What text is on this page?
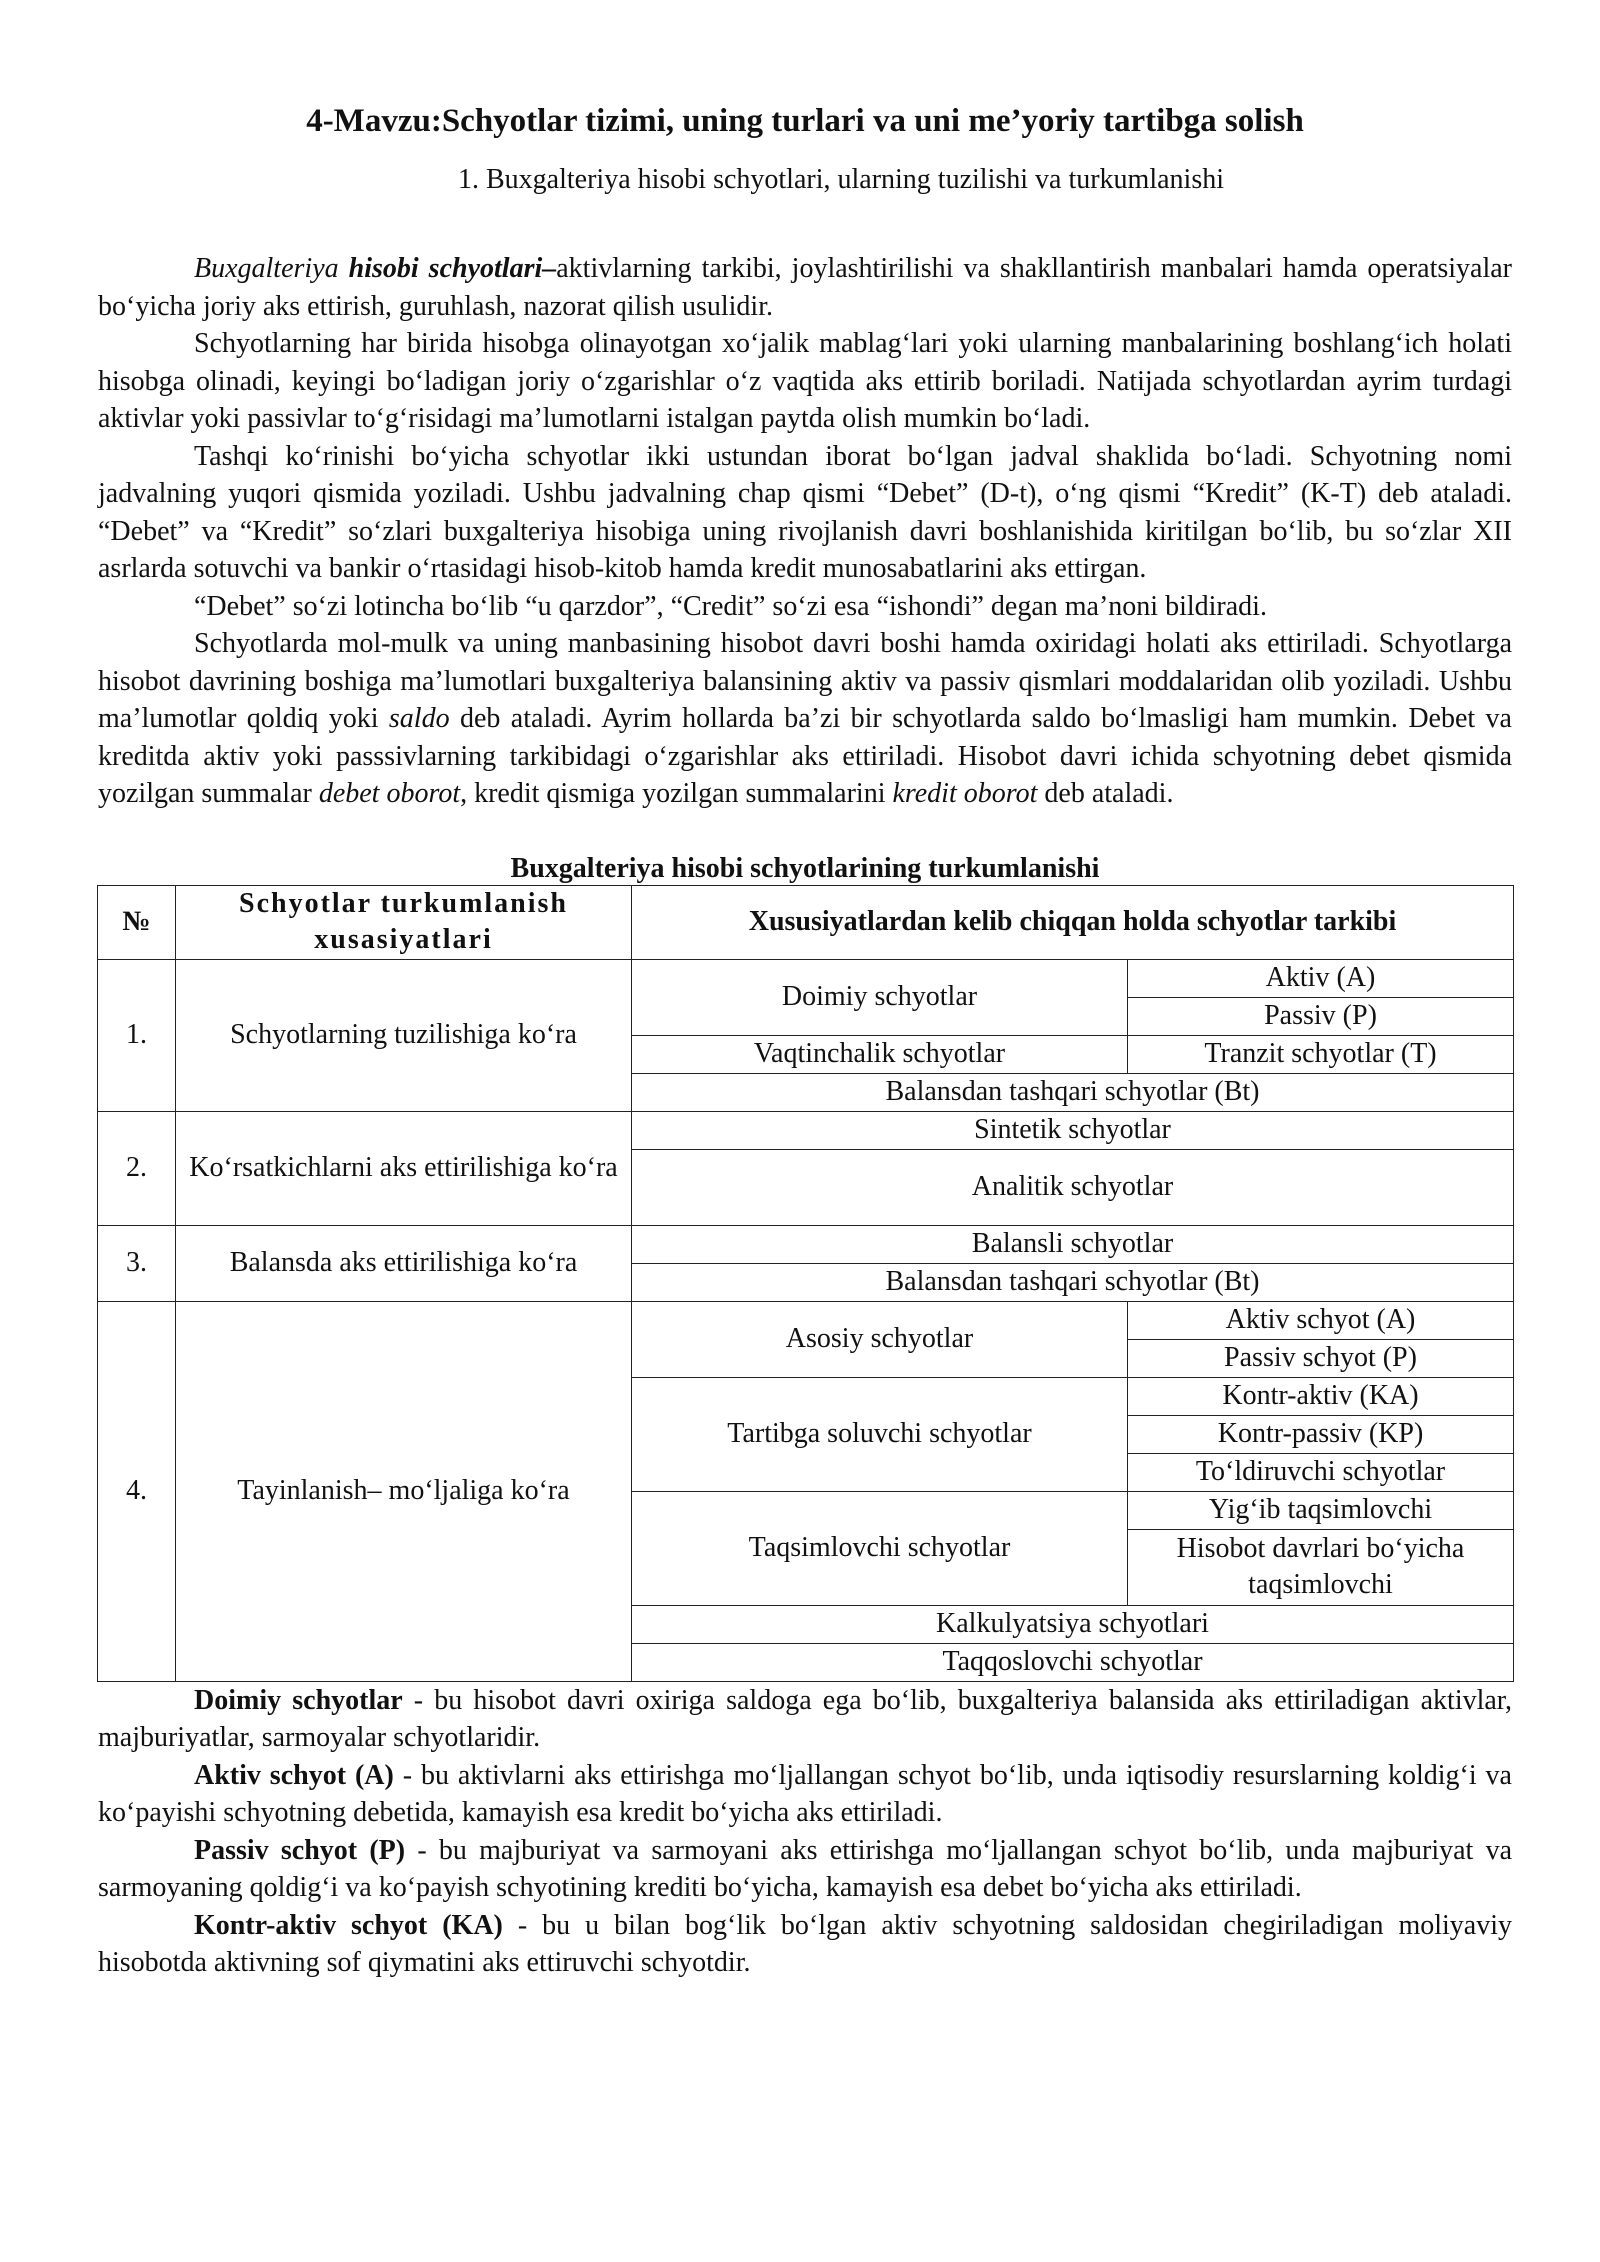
4-Mavzu:Schyotlar tizimi, uning turlari va uni me’yoriy tartibga solish
1. Buxgalteriya hisobi schyotlari, ularning tuzilishi va turkumlanishi

Buxgalteriya hisobi schyotlari–aktivlarning tarkibi, joylashtirilishi va shakllantirish manbalari hamda operatsiyalar bo‘yicha joriy aks ettirish, guruhlash, nazorat qilish usulidir.

Schyotlarning har birida hisobga olinayotgan xo‘jalik mablag‘lari yoki ularning manbalarining boshlang‘ich holati hisobga olinadi, keyingi bo‘ladigan joriy o‘zgarishlar o‘z vaqtida aks ettirib boriladi. Natijada schyotlardan ayrim turdagi aktivlar yoki passivlar to‘g‘risidagi ma’lumotlarni istalgan paytda olish mumkin bo‘ladi.

Tashqi ko‘rinishi bo‘yicha schyotlar ikki ustundan iborat bo‘lgan jadval shaklida bo‘ladi. Schyotning nomi jadvalning yuqori qismida yoziladi. Ushbu jadvalning chap qismi “Debet” (D-t), o‘ng qismi “Kredit” (K-T) deb ataladi. “Debet” va “Kredit” so‘zlari buxgalteriya hisobiga uning rivojlanish davri boshlanishida kiritilgan bo‘lib, bu so‘zlar XII asrlarda sotuvchi va bankir o‘rtasidagi hisob-kitob hamda kredit munosabatlarini aks ettirgan.

“Debet” so‘zi lotincha bo‘lib “u qarzdor”, “Credit” so‘zi esa “ishondi” degan ma’noni bildiradi.

Schyotlarda mol-mulk va uning manbasining hisobot davri boshi hamda oxiridagi holati aks ettiriladi. Schyotlarga hisobot davrining boshiga ma’lumotlari buxgalteriya balansining aktiv va passiv qismlari moddalaridan olib yoziladi. Ushbu ma’lumotlar qoldiq yoki saldo deb ataladi. Ayrim hollarda ba’zi bir schyotlarda saldo bo‘lmasligi ham mumkin. Debet va kreditda aktiv yoki passsivlarning tarkibidagi o‘zgarishlar aks ettiriladi. Hisobot davri ichida schyotning debet qismida yozilgan summalar debet oborot, kredit qismiga yozilgan summalarini kredit oborot deb ataladi.

Buxgalteriya hisobi schyotlarining turkumlanishi
№	Schyotlar turkumlanish xusasiyatlari	Xususiyatlardan kelib chiqqan holda schyotlar tarkibi	
1.	Schyotlarning tuzilishiga ko‘ra	Doimiy schyotlar	Aktiv (A)
			Passiv (P)
		Vaqtinchalik schyotlar	Tranzit schyotlar (T)
		Balansdan tashqari schyotlar (Bt)	
2.	Ko‘rsatkichlarni aks ettirilishiga ko‘ra	Sintetik schyotlar	
		Analitik schyotlar	
3.	Balansda aks ettirilishiga ko‘ra	Balansli schyotlar	
		Balansdan tashqari schyotlar (Bt)	
4.	Tayinlanish– mo‘ljaliga ko‘ra	Asosiy schyotlar	Aktiv schyot (A)
			Passiv schyot (P)
		Tartibga soluvchi schyotlar	Kontr-aktiv (KA)
			Kontr-passiv (KP)
			To‘ldiruvchi schyotlar
		Taqsimlovchi schyotlar	Yig‘ib taqsimlovchi
			Hisobot davrlari bo‘yicha taqsimlovchi
		Kalkulyatsiya schyotlari	
		Taqqoslovchi schyotlar	

Doimiy schyotlar - bu hisobot davri oxiriga saldoga ega bo‘lib, buxgalteriya balansida aks ettiriladigan aktivlar, majburiyatlar, sarmoyalar schyotlaridir.

Aktiv schyot (A) - bu aktivlarni aks ettirishga mo‘ljallangan schyot bo‘lib, unda iqtisodiy resurslarning koldig‘i va ko‘payishi schyotning debetida, kamayish esa kredit bo‘yicha aks ettiriladi.

Passiv schyot (P) - bu majburiyat va sarmoyani aks ettirishga mo‘ljallangan schyot bo‘lib, unda majburiyat va sarmoyaning qoldig‘i va ko‘payish schyotining krediti bo‘yicha, kamayish esa debet bo‘yicha aks ettiriladi.

Kontr-aktiv schyot (KA) - bu u bilan bog‘lik bo‘lgan aktiv schyotning saldosidan chegiriladigan moliyaviy hisobotda aktivning sof qiymatini aks ettiruvchi schyotdir.
